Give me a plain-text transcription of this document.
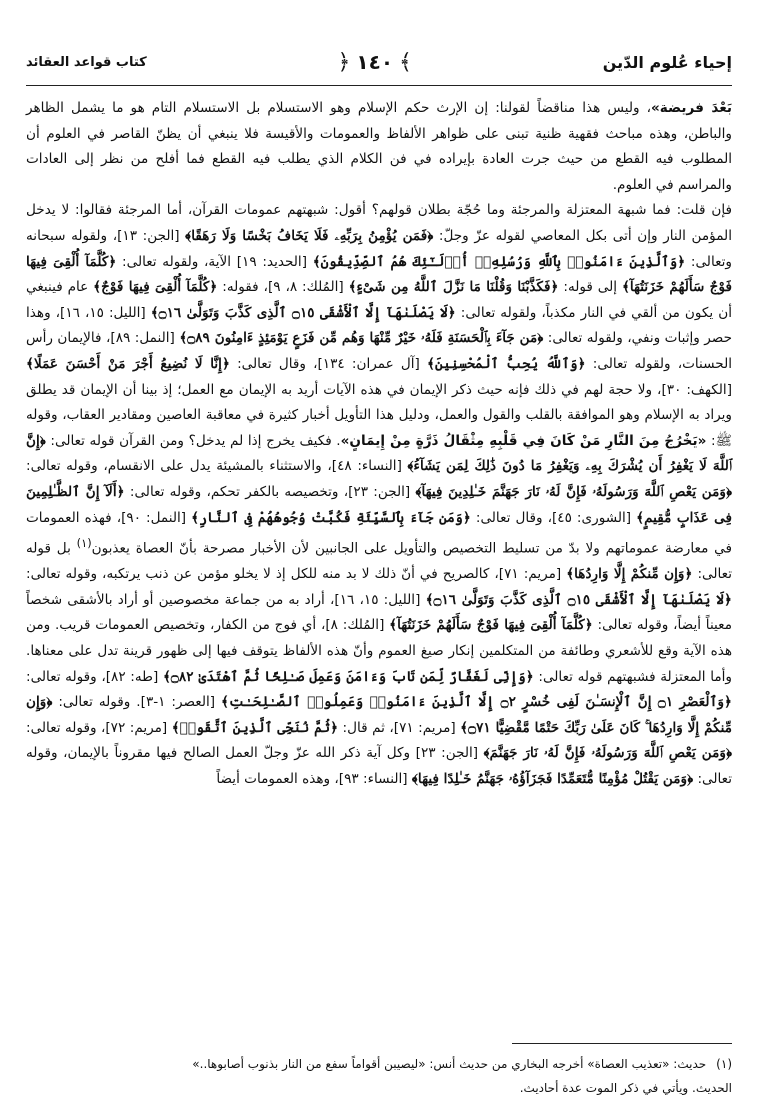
إحياء عُلوم الدّين
﴾
١٤٠
﴿
كتاب قواعد العقائد

بَعْدَ فريضة»، وليس هذا مناقضاً لقولنا: إن الإرث حكم الإسلام وهو الاستسلام بل الاستسلام التام هو ما يشمل الظاهر والباطن، وهذه مباحث فقهية ظنية تبنى على ظواهر الألفاظ والعمومات والأقيسة فلا ينبغي أن يظنّ القاصر في العلوم أن المطلوب فيه القطع من حيث جرت العادة بإيراده في فن الكلام الذي يطلب فيه القطع فما أفلح من نظر إلى العادات والمراسم في العلوم.

فإن قلت: فما شبهة المعتزلة والمرجئة وما حُجّة بطلان قولهم؟ أقول: شبهتهم عمومات القرآن، أما المرجئة فقالوا: لا يدخل المؤمن النار وإن أتى بكل المعاصي لقوله عزّ وجلّ: ﴿فَمَن يُؤْمِنُ بِرَبِّهِۦ فَلَا يَخَافُ بَخْسًا وَلَا رَهَقًا﴾ [الجن: ١٣]، ولقوله سبحانه وتعالى: ﴿وَٱلَّذِينَ ءَامَنُوا۟ بِٱللَّهِ وَرُسُلِهِۦٓ أُو۟لَـٰٓئِكَ هُمُ ٱلصِّدِّيقُونَ﴾ [الحديد: ١٩] الآية، ولقوله تعالى: ﴿كُلَّمَآ أُلْقِىَ فِيهَا فَوْجٌ سَأَلَهُمْ خَزَنَتُهَآ﴾ إلى قوله: ﴿فَكَذَّبْنَا وَقُلْنَا مَا نَزَّلَ ٱللَّهُ مِن شَىْءٍ﴾ [المُلك: ٨، ٩]، فقوله: ﴿كُلَّمَآ أُلْقِىَ فِيهَا فَوْجٌ﴾ عام فينبغي أن يكون من ألقي في النار مكذباً، ولقوله تعالى: ﴿لَا يَصْلَىٰهَآ إِلَّا ٱلْأَشْقَى ۝١٥ ٱلَّذِى كَذَّبَ وَتَوَلَّىٰ ۝١٦﴾ [الليل: ١٥، ١٦]، وهذا حصر وإثبات ونفي، ولقوله تعالى: ﴿مَن جَآءَ بِٱلْحَسَنَةِ فَلَهُۥ خَيْرٌ مِّنْهَا وَهُم مِّن فَزَعٍ يَوْمَئِذٍ ءَامِنُونَ ۝٨٩﴾ [النمل: ٨٩]، فالإيمان رأس الحسنات، ولقوله تعالى: ﴿وَٱللَّهُ يُحِبُّ ٱلْمُحْسِنِينَ﴾ [آل عمران: ١٣٤]، وقال تعالى: ﴿إِنَّا لَا نُضِيعُ أَجْرَ مَنْ أَحْسَنَ عَمَلًا﴾ [الكهف: ٣٠]، ولا حجة لهم في ذلك فإنه حيث ذكر الإيمان في هذه الآيات أريد به الإيمان مع العمل؛ إذ بينا أن الإيمان قد يطلق ويراد به الإسلام وهو الموافقة بالقلب والقول والعمل، ودليل هذا التأويل أخبار كثيرة في معاقبة العاصين ومقادير العقاب، وقوله ﷺ: «يَخْرُجُ مِنَ النَّارِ مَنْ كَانَ فِي قَلْبِهِ مِثْقَالُ ذَرَّةٍ مِنْ إِيمَانٍ». فكيف يخرج إذا لم يدخل؟ ومن القرآن قوله تعالى: ﴿إِنَّ ٱللَّهَ لَا يَغْفِرُ أَن يُشْرَكَ بِهِۦ وَيَغْفِرُ مَا دُونَ ذَٰلِكَ لِمَن يَشَآءُ﴾ [النساء: ٤٨]، والاستثناء بالمشيئة يدل على الانقسام، وقوله تعالى: ﴿وَمَن يَعْصِ ٱللَّهَ وَرَسُولَهُۥ فَإِنَّ لَهُۥ نَارَ جَهَنَّمَ خَـٰلِدِينَ فِيهَآ﴾ [الجن: ٢٣]، وتخصيصه بالكفر تحكم، وقوله تعالى: ﴿أَلَآ إِنَّ ٱلظَّـٰلِمِينَ فِى عَذَابٍ مُّقِيمٍ﴾ [الشورى: ٤٥]، وقال تعالى: ﴿وَمَن جَآءَ بِٱلسَّيِّئَةِ فَكُبَّتْ وُجُوهُهُمْ فِى ٱلنَّارِ﴾ [النمل: ٩٠]، فهذه العمومات في معارضة عموماتهم ولا بدّ من تسليط التخصيص والتأويل على الجانبين لأن الأخبار مصرحة بأنّ العصاة يعذبون$^{(١)}$ بل قوله تعالى: ﴿وَإِن مِّنكُمْ إِلَّا وَارِدُهَا﴾ [مريم: ٧١]، كالصريح في أنّ ذلك لا بد منه للكل إذ لا يخلو مؤمن عن ذنب يرتكبه، وقوله تعالى: ﴿لَا يَصْلَىٰهَآ إِلَّا ٱلْأَشْقَى ۝١٥ ٱلَّذِى كَذَّبَ وَتَوَلَّىٰ ۝١٦﴾ [الليل: ١٥، ١٦]، أراد به من جماعة مخصوصين أو أراد بالأشقى شخصاً معيناً أيضاً، وقوله تعالى: ﴿كُلَّمَآ أُلْقِىَ فِيهَا فَوْجٌ سَأَلَهُمْ خَزَنَتُهَآ﴾ [المُلك: ٨]، أي فوج من الكفار، وتخصيص العمومات قريب. ومن هذه الآية وقع للأشعري وطائفة من المتكلمين إنكار صيغ العموم وأنّ هذه الألفاظ يتوقف فيها إلى ظهور قرينة تدل على معناها. وأما المعتزلة فشبهتهم قوله تعالى: ﴿وَإِنِّى لَغَفَّارٌ لِّمَن تَابَ وَءَامَنَ وَعَمِلَ صَـٰلِحًا ثُمَّ ٱهْتَدَىٰ ۝٨٢﴾ [طه: ٨٢]، وقوله تعالى: ﴿وَٱلْعَصْرِ ۝١ إِنَّ ٱلْإِنسَـٰنَ لَفِى خُسْرٍ ۝٢ إِلَّا ٱلَّذِينَ ءَامَنُوا۟ وَعَمِلُوا۟ ٱلصَّـٰلِحَـٰتِ﴾ [العصر: ١-٣]. وقوله تعالى: ﴿وَإِن مِّنكُمْ إِلَّا وَارِدُهَا ۚ كَانَ عَلَىٰ رَبِّكَ حَتْمًا مَّقْضِيًّا ۝٧١﴾ [مريم: ٧١]، ثم قال: ﴿ثُمَّ نُنَجِّى ٱلَّذِينَ ٱتَّقَوا۟﴾ [مريم: ٧٢]، وقوله تعالى: ﴿وَمَن يَعْصِ ٱللَّهَ وَرَسُولَهُۥ فَإِنَّ لَهُۥ نَارَ جَهَنَّمَ﴾ [الجن: ٢٣] وكل آية ذكر الله عزّ وجلّ العمل الصالح فيها مقروناً بالإيمان، وقوله تعالى: ﴿وَمَن يَقْتُلْ مُؤْمِنًا مُّتَعَمِّدًا فَجَزَآؤُهُۥ جَهَنَّمُ خَـٰلِدًا فِيهَا﴾ [النساء: ٩٣]، وهذه العمومات أيضاً

(١)حديث: «تعذيب العصاة» أخرجه البخاري من حديث أنس: «ليصيبن أقواماً سفع من النار بذنوب أصابوها..»
الحديث. ويأتي في ذكر الموت عدة أحاديث.
